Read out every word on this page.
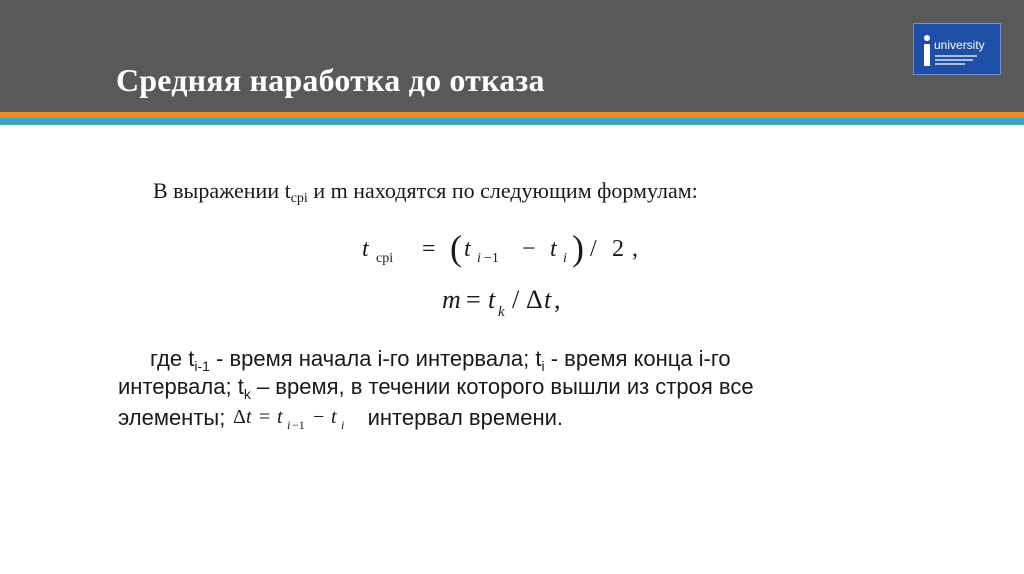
Средняя наработка до отказа
university
В выражении tсрi и m находятся по следующим формулам:
t срi = ( t i −1 − t i ) / 2 ,
m = t k / Δ t ,
где $t_{i-1}$ - время начала i-го интервала; $t_i$ - время конца i-го
интервала; $t_k$ – время, в течении которого вышли из строя все
элементы; Δ t = t i −1 − t i интервал времени.
